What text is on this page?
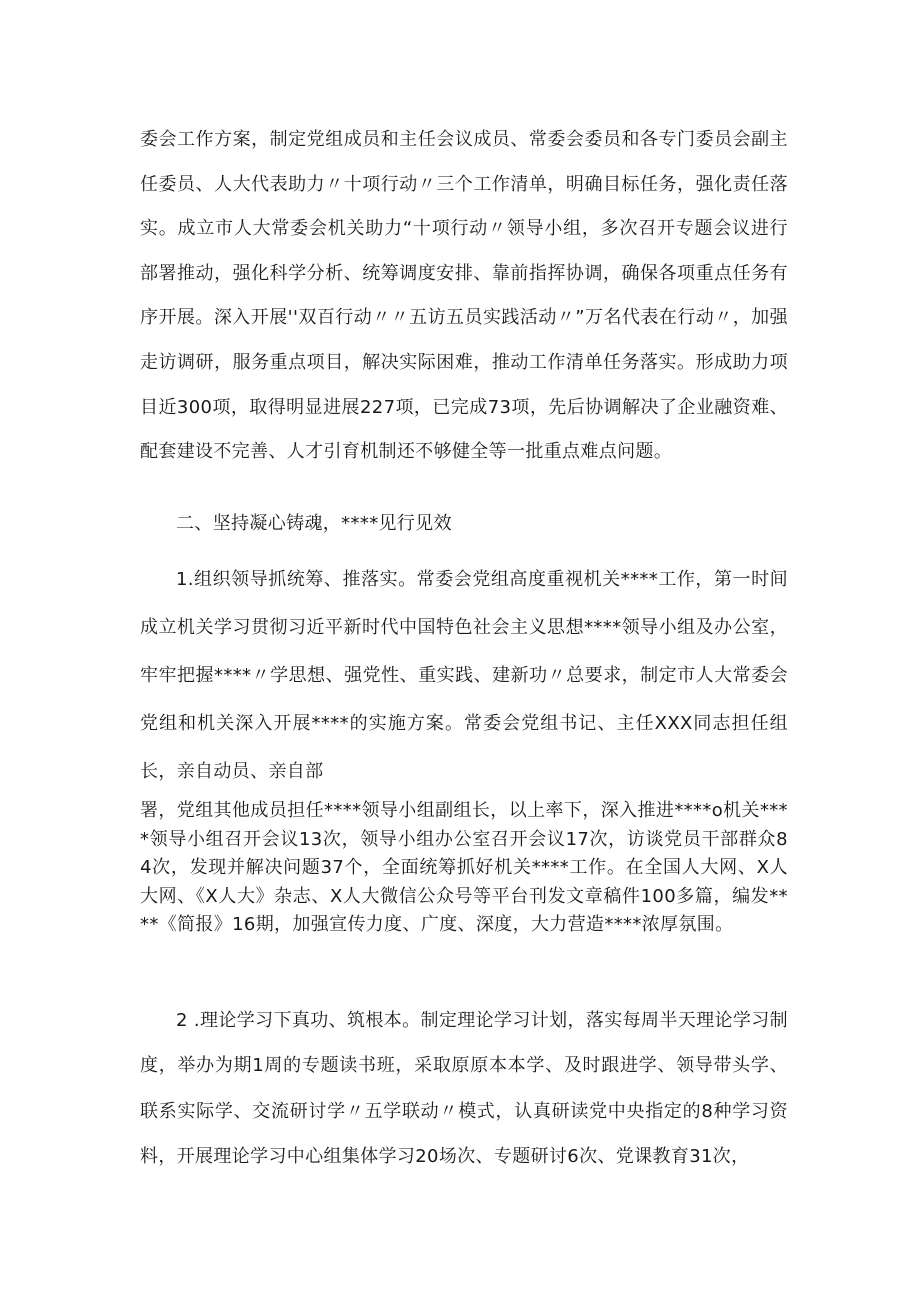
委会工作方案，制定党组成员和主任会议成员、常委会委员和各专门委员会副主任委员、人大代表助力〃十项行动〃三个工作清单，明确目标任务，强化责任落实。成立市人大常委会机关助力“十项行动〃领导小组，多次召开专题会议进行部署推动，强化科学分析、统筹调度安排、靠前指挥协调，确保各项重点任务有序开展。深入开展''双百行动〃〃五访五员实践活动〃”万名代表在行动〃，加强走访调研，服务重点项目，解决实际困难，推动工作清单任务落实。形成助力项目近300项，取得明显进展227项，已完成73项，先后协调解决了企业融资难、配套建设不完善、人才引育机制还不够健全等一批重点难点问题。

二、坚持凝心铸魂，****见行见效

1.组织领导抓统筹、推落实。常委会党组高度重视机关****工作，第一时间成立机关学习贯彻习近平新时代中国特色社会主义思想****领导小组及办公室，牢牢把握****〃学思想、强党性、重实践、建新功〃总要求，制定市人大常委会党组和机关深入开展****的实施方案。常委会党组书记、主任XXX同志担任组长，亲自动员、亲自部

署，党组其他成员担任****领导小组副组长，以上率下，深入推进****o机关****领导小组召开会议13次，领导小组办公室召开会议17次，访谈党员干部群众84次，发现并解决问题37个，全面统筹抓好机关****工作。在全国人大网、X人大网、《X人大》杂志、X人大微信公众号等平台刊发文章稿件100多篇，编发****《简报》16期，加强宣传力度、广度、深度，大力营造****浓厚氛围。

2 .理论学习下真功、筑根本。制定理论学习计划，落实每周半天理论学习制度，举办为期1周的专题读书班，采取原原本本学、及时跟进学、领导带头学、联系实际学、交流研讨学〃五学联动〃模式，认真研读党中央指定的8种学习资料，开展理论学习中心组集体学习20场次、专题研讨6次、党课教育31次，
